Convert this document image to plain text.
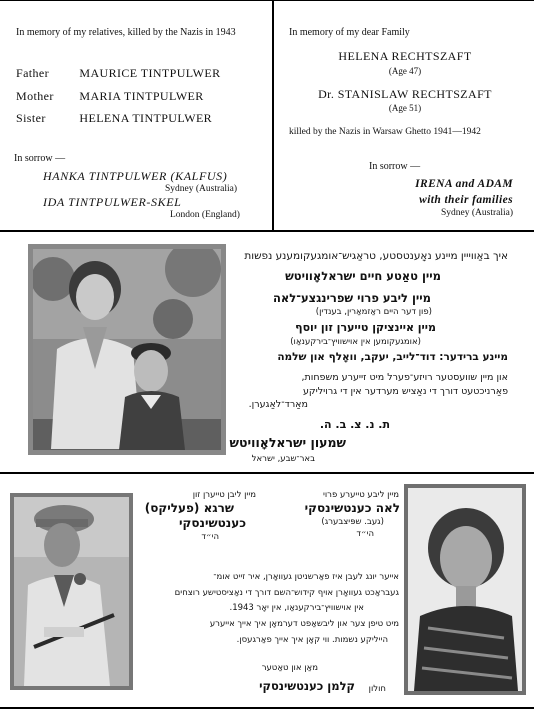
In memory of my relatives, killed by the Nazis in 1943
Father	MAURICE TINTPULWER
Mother MARIA TINTPULWER
Sister	HELENA TINTPULWER
In sorrow —
HANKA TINTPULWER (KALFUS)
Sydney (Australia)
IDA TINTPULWER-SKEL
London (England)
In memory of my dear Family
HELENA RECHTSZAFT
(Age 47)
Dr. STANISLAW RECHTSZAFT
(Age 51)
killed by the Nazis in Warsaw Ghetto 1941—1942
In sorrow —
IRENA and ADAM
with their families
Sydney (Australia)
איך באַווייין מיינע נאָענטסטע, טראַגיש־אומגעקומענע נפשות
מיין טאַטע חיים ישראלאָוויטש
מיין ליבע פרוי שפרינגצע־לאה
(פון דער היים ראַזמאַרין, בענדין)
מיין איינציקן טייערן זון יוסף
(אומגעקומען אין אוישוויץ־בירקענאַו)
מיינע ברידער: דוד־לייב, יעקב, וואָלף און שלמה
און מיין שוועסטער רויזע־פערל מיט זייערע משפחות,
פאַרניכטעט דורך די נאַציש מערדער אין די גרויליקע
מאַרד־לאַגערן.
ת. נ. צ. ב. ה.
שמעון ישראלאָוויטש
באר־שבע, ישראל
מיין ליבע טייערע פרוי
לאה כענטשינסקי
(געב. שפּיצבערג)
הי״ד
מיין ליבן טייערן זון
שרגא (פעליקס)
כענטשינסקי
הי״ד
אייער יונג לעבן איז פאַרשניטן געוואָרן, איר זייט אומ־
געבראַכט געוואָרן אויף קידוש־השם דורך די נאַציסטישע רוצחים
אין אוישוויץ־בירקענאַו, אין יאָר 1943.
מיט טיפן צער און ליבשאַפט דערמאָן איך אייך אייערע
הייליקע נשמות. ווי קאָן איך אייך פאַרגעסן.
מאַן און טאַטער
קלמן כענטשינסקי חולון
